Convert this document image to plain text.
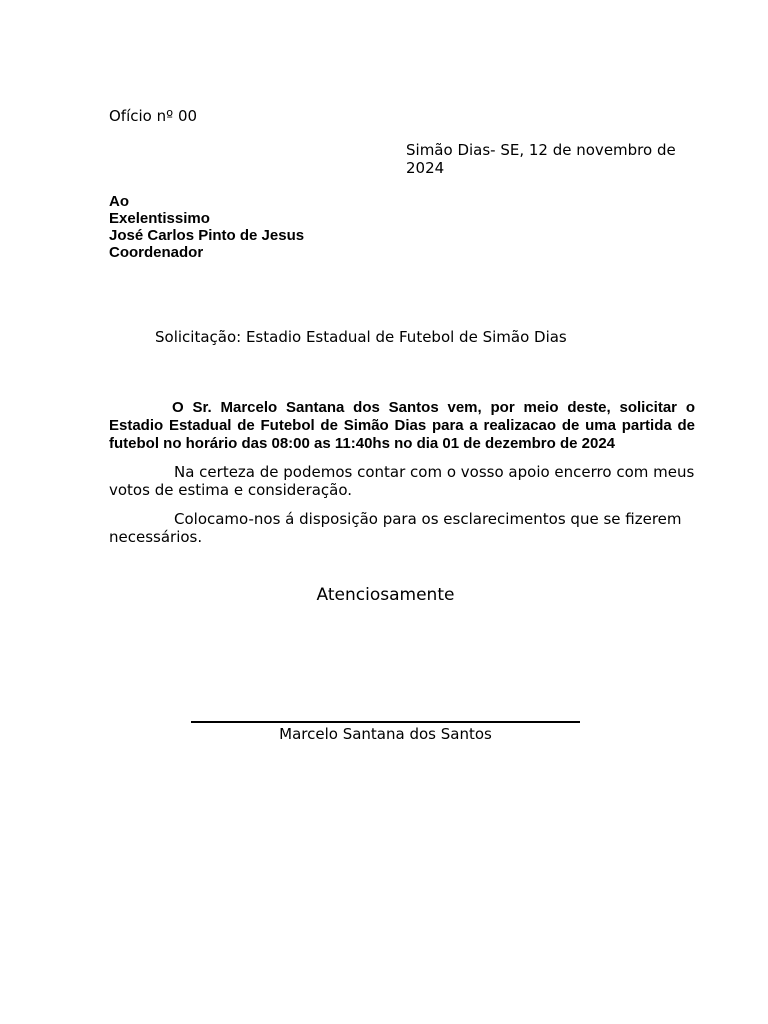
Ofício nº 00
Simão Dias- SE, 12 de novembro de 2024
Ao
Exelentissimo
José Carlos Pinto de Jesus
Coordenador
Solicitação: Estadio Estadual de Futebol de Simão Dias
O Sr. Marcelo Santana dos Santos vem, por meio deste, solicitar o Estadio Estadual de Futebol de Simão Dias para a realizacao de uma partida de futebol no horário das 08:00 as 11:40hs no dia 01 de dezembro de 2024
Na certeza de podemos contar com o vosso apoio encerro com meus votos de estima e consideração.
Colocamo-nos á disposição para os esclarecimentos que se fizerem necessários.
Atenciosamente
Marcelo Santana dos Santos
